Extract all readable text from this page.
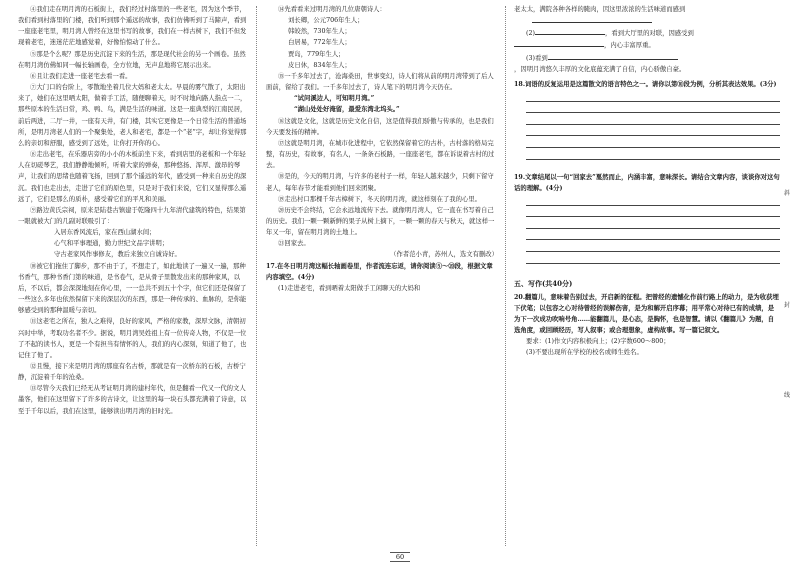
④我们走在明月湾的石板街上，我们经过村落里的一些老宅，因为这个季节，我们看到村落里的门楼，我们听到那个遥远的故事，我们仿佛听到了马蹄声，看到一座座老宅里，明月湾人曾经在这里书写的故事，我们在一样古树下，我们不但发现着老宅，迷迷茫茫地感觉着，好像怕惊动了什么。

⑤那是个么呢？那是历史沉淀下来的生活，那是现代社会的另一个画卷。虽然在明月湾仿佛如同一幅长轴画卷，全方位地，无声息地将它展示出来。

⑥且让我们走进一座老宅去看一看。

⑦大门口的台阶上，零散地坐着几位大妈和老太太。早晨的雾气散了，太阳出来了，她们在这里晒太阳，做着手工活，随便聊着天，时不时地向路人指点一二，那些原本的生活日常，鸡、鸭、鸟，满是生活的味道。这是一座典型的江南民居，前后两进，二厅一井，一座有天井，有门楼，其实它更像是一个日常生活的普通场所，是明月湾老人们的一个聚集处，老人和老宅，都是一个“老”字，却让你觉得那么的亲切和舒服，感受到了远处，让你打开你的心。

⑧走出老宅，在乐器店旁的小小的木板前坐下来，看到店里的老板和一个年轻人在切磋琴艺，我们静静地倾听，听着大家的弹奏，那种悠扬、浑厚、激昂的琴声，让我们的思绪也随着飞扬，回到了那个遥远的年代，感受到一种来自历史的深沉。我们也走出去，走进了它们的原色里，只是对于我们来说，它们又显得那么遥远了，它们是那么的质朴，感受着它们的平凡和美丽。

⑨路边黄氏宗祠，原来是陆巷古镇建于乾隆四十九年清代建筑的特色，结果第一眼就被大门的几副对联吸引了：

入居东香风流后，家在西山湖水间；

心气和平事理通，勤力世纪文品字讲明；

守古老家风作事修友，教后来独立自诚诗好。

⑩被它们拖住了脚步，那不由于了，不想走了，如此地读了一遍又一遍，那种书香气，那种书香门第的味道，是书卷气，是从骨子里散发出来的那种家风，以后，不以后，都会深深地刻在你心里，一一总共不到五十个字，但它们还是保留了一些这么多年也依然保留下来的深层次的东西，那是一种传承的、血脉的，是你能够感受到的那种温暖与亲切。

⑪这老宅之所在，独人之难得，良好的家风，严格的家教，深厚文脉，清朝初兴时中举，考取功名者不少。据说，明月湾吴姓祖上有一位传奇人物，不仅是一位了不起的读书人，更是一个有担当有情怀的人，我们的内心深刻，知道了他了，也记住了他了。

⑫且慢，接下来是明月湾的那座有名古桥，那就是有一次桥东的石板，古桥宁静，沉淀着千年的沧桑。

⑬尽管今天我们已经无从考证明月湾的建村年代，但是翻看一代又一代的文人墨客，他们在这里留下了许多的古诗文，让这里的每一块石头都充满着了诗意，以至于千年以后，我们在这里，能够读出明月湾的旧时光。

⑭先看看来过明月湾的几位唐朝诗人：

刘长卿，公元706年生人；

韩皎然，730年生人；

白居易，772年生人；

贾岛，779年生人；

皮日休，834年生人；

⑮一千多年过去了，沧海桑田，世事变幻，诗人们将从前的明月湾带到了后人面前，留给了我们。一千多年过去了，诗人笔下的明月湾今天仍在。

“试问溪边人，可知明月湾。”

“湖山处处好淹留，最爱东湾北坞头。”

⑯这就是文化，这就是历史文化自信，这是值得我们骄傲与传承的，也是我们今天要发扬的精神。

⑰这就是明月湾，在城市化进程中，它依然保留着它的古朴，古村落的格局完整，有历史，有故事，有名人，一条条石板路，一座座老宅，都在诉说着古村的过去。

⑱是的，今天的明月湾，与许多的老村子一样，年轻人越来越少，只剩下留守老人，每年春节才能看到他们回来团聚。

⑲走出村口那棵千年古樟树下，冬天的明月湾，就这样刻在了我的心里。

⑳历史不会终结，它会永远地流传下去。就像明月湾人，它一直在书写着自己的历史。我们一颗一颗新鲜的果子从树上摘下，一颗一颗的春天与秋天，就这样一年又一年，留在明月湾的土地上。

㉑回家去。

（作者范小青，苏州人，选文有删改）

17.在冬日明月湾这幅长轴画卷里，作者流连忘返，请你阅读⑤～⑳段，根据文章内容填空。(4分)

(1)走进老宅，看到晒着太阳做手工闲聊天的大妈和

老太太，满院各种各样的腌肉，因这里浓浓的生活味道而感到

(2)	，看到大厅里的对联，因感受到

，内心丰富厚重。

(3)看到

，因明月湾悠久丰厚的文化底蕴充满了自信，内心骄傲自豪。

18.词语的反复运用是这篇散文的语言特色之一。请你以第⑩段为例，分析其表达效果。(3分)

19.文章结尾以一句“回家去”戛然而止，内涵丰富，意味深长。请结合文章内容，谈谈你对这句话的理解。(4分)

五、写作(共40分)

20.翻篇儿，意味着告别过去，开启新的征程。把曾经的遗憾化作前行路上的动力，是为收获埋下伏笔；以包容之心对待曾经的误解伤害，是为和解开启序幕；用平常心对待已有的成绩，是为下一次成功吹响号角……能翻篇儿，是心态，是胸怀，也是智慧。请以《翻篇儿》为题，自选角度，或回顾经历，写人叙事；或合理想象，虚构故事。写一篇记叙文。

要求：(1)作文内容积极向上；(2)字数600～800；

(3)不要出现所在学校的校名或师生姓名。

斜
封
线
60
